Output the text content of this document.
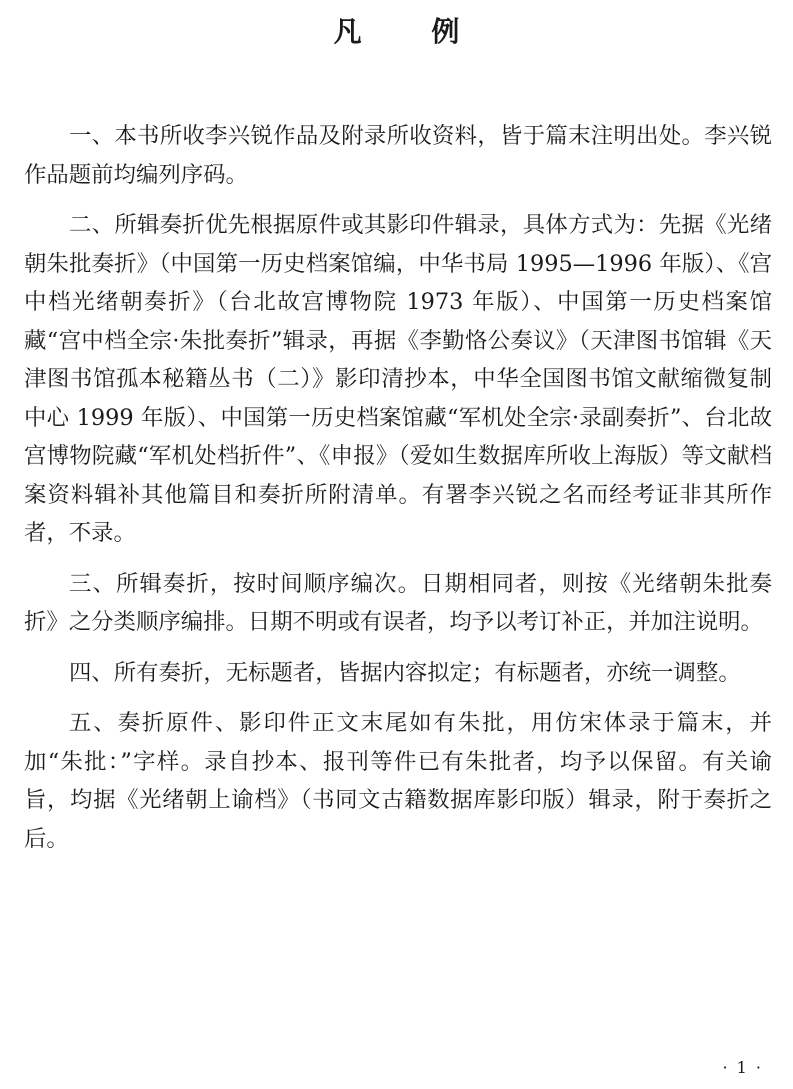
凡 例

一、本书所收李兴锐作品及附录所收资料，皆于篇末注明出处。李兴锐作品题前均编列序码。

二、所辑奏折优先根据原件或其影印件辑录，具体方式为：先据《光绪朝朱批奏折》（中国第一历史档案馆编，中华书局 1995—1996 年版）、《宫中档光绪朝奏折》（台北故宫博物院 1973 年版）、中国第一历史档案馆藏“宫中档全宗·朱批奏折”辑录，再据《李勤恪公奏议》（天津图书馆辑《天津图书馆孤本秘籍丛书（二）》影印清抄本，中华全国图书馆文献缩微复制中心 1999 年版）、中国第一历史档案馆藏“军机处全宗·录副奏折”、台北故宫博物院藏“军机处档折件”、《申报》（爱如生数据库所收上海版）等文献档案资料辑补其他篇目和奏折所附清单。有署李兴锐之名而经考证非其所作者，不录。

三、所辑奏折，按时间顺序编次。日期相同者，则按《光绪朝朱批奏折》之分类顺序编排。日期不明或有误者，均予以考订补正，并加注说明。

四、所有奏折，无标题者，皆据内容拟定；有标题者，亦统一调整。

五、奏折原件、影印件正文末尾如有朱批，用仿宋体录于篇末，并加“朱批：”字样。录自抄本、报刊等件已有朱批者，均予以保留。有关谕旨，均据《光绪朝上谕档》（书同文古籍数据库影印版）辑录，附于奏折之后。

· 1 ·
